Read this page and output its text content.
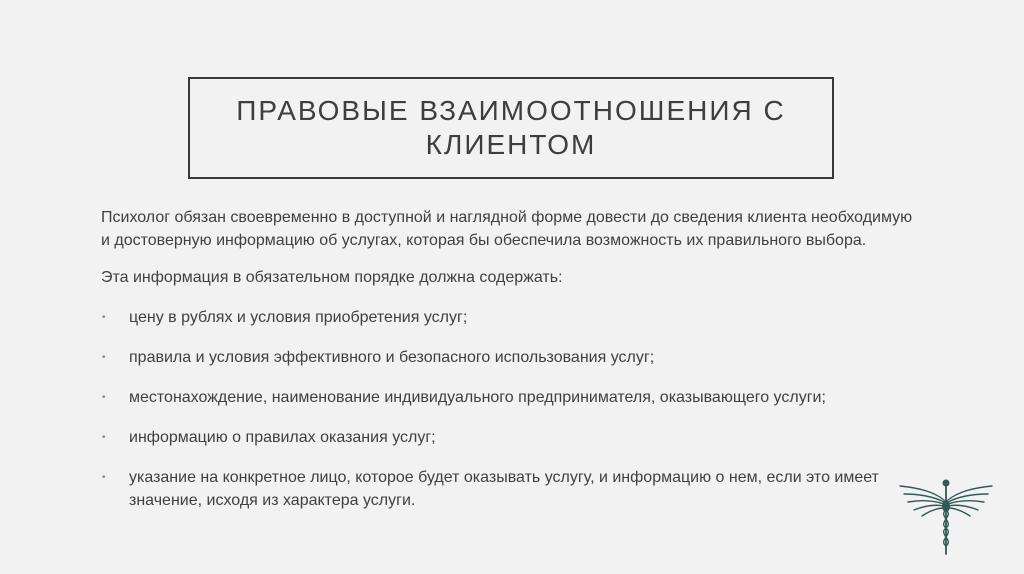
ПРАВОВЫЕ ВЗАИМООТНОШЕНИЯ С
КЛИЕНТОМ

Психолог обязан своевременно в доступной и наглядной форме довести до сведения клиента необходимую и достоверную информацию об услугах, которая бы обеспечила возможность их правильного выбора.

Эта информация в обязательном порядке должна содержать:

• цену в рублях и условия приобретения услуг;
• правила и условия эффективного и безопасного использования услуг;
• местонахождение, наименование индивидуального предпринимателя, оказывающего услуги;
• информацию о правилах оказания услуг;
• указание на конкретное лицо, которое будет оказывать услугу, и информацию о нем, если это имеет значение, исходя из характера услуги.
